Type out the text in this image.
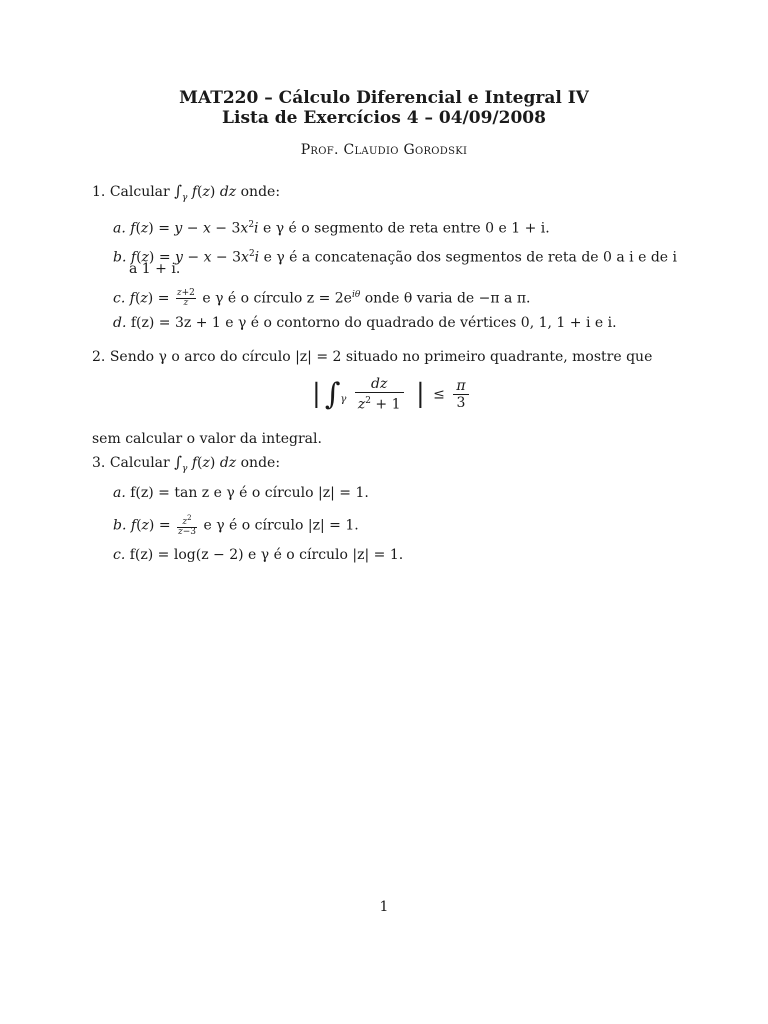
MAT220 – Cálculo Diferencial e Integral IV
Lista de Exercícios 4 – 04/09/2008
Prof. Claudio Gorodski
1. Calcular $\int_\gamma$ f(z) dz onde:
a. $f(z) = y - x - 3x^2i$ e γ é o segmento de reta entre 0 e 1 + i.
b. $f(z) = y - x - 3x^2i$ e γ é a concatenação dos segmentos de reta de 0 a i e de i
a 1 + i.
c. $f(z) = \frac{z+2}{z}$ e γ é o círculo $z = 2e^{i\theta}$ onde θ varia de −π a π.
d. f(z) = 3z + 1 e γ é o contorno do quadrado de vértices 0, 1, 1 + i e i.
2. Sendo γ o arco do círculo |z| = 2 situado no primeiro quadrante, mostre que
| $\int_\gamma \frac{dz}{z^2 + 1}$ | ≤ $\frac{\pi}{3}$
sem calcular o valor da integral.
3. Calcular $\int_\gamma$ f(z) dz onde:
a. f(z) = tan z e γ é o círculo |z| = 1.
b. $f(z) = \frac{z^2}{z-3}$ e γ é o círculo |z| = 1.
c. f(z) = log(z − 2) e γ é o círculo |z| = 1.
1
